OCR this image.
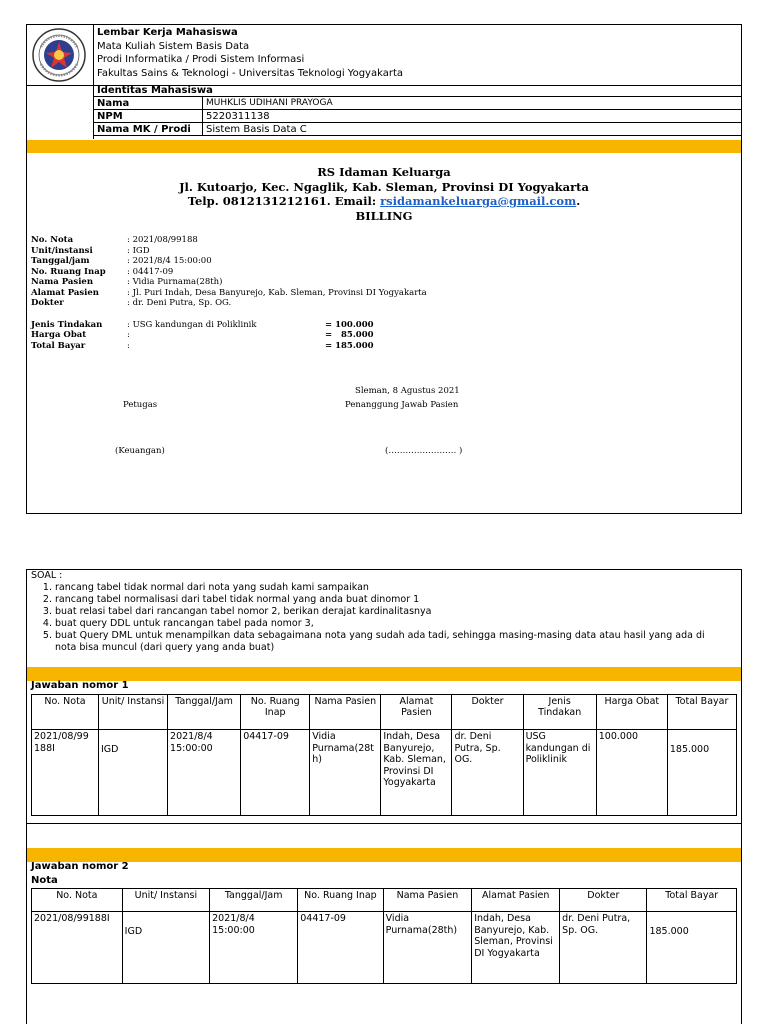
Lembar Kerja Mahasiswa
Mata Kuliah Sistem Basis Data
Prodi Informatika / Prodi Sistem Informasi
Fakultas Sains & Teknologi - Universitas Teknologi Yogyakarta
Identitas Mahasiswa
Nama	MUHKLIS UDIHANI PRAYOGA
NPM	5220311138
Nama MK / Prodi	Sistem Basis Data C
RS Idaman Keluarga
Jl. Kutoarjo, Kec. Ngaglik, Kab. Sleman, Provinsi DI Yogyakarta
Telp. 0812131212161. Email: rsidamankeluarga@gmail.com.
BILLING
No. Nota	: 2021/08/99188
Unit/instansi	: IGD
Tanggal/jam	: 2021/8/4 15:00:00
No. Ruang Inap	: 04417-09
Nama Pasien	: Vidia Purnama(28th)
Alamat Pasien	: Jl. Puri Indah, Desa Banyurejo, Kab. Sleman, Provinsi DI Yogyakarta
Dokter	: dr. Deni Putra, Sp. OG.
Jenis Tindakan	: USG kandungan di Poliklinik	= 100.000
Harga Obat	:	=   85.000
Total Bayar	:	= 185.000
Sleman, 8 Agustus 2021
Petugas	Penanggung Jawab Pasien
(Keuangan)	(…………………… )
SOAL :
1. rancang tabel tidak normal dari nota yang sudah kami sampaikan
2. rancang tabel normalisasi dari tabel tidak normal yang anda buat dinomor 1
3. buat relasi tabel dari rancangan tabel nomor 2, berikan derajat kardinalitasnya
4. buat query DDL untuk rancangan tabel pada nomor 3,
5. buat Query DML untuk menampilkan data sebagaimana nota yang sudah ada tadi, sehingga masing-masing data atau hasil yang ada di nota bisa muncul (dari query yang anda buat)
Jawaban nomor 1
No. Nota	Unit/ Instansi	Tanggal/Jam	No. Ruang Inap	Nama Pasien	Alamat Pasien	Dokter	Jenis Tindakan	Harga Obat	Total Bayar
2021/08/99 188I	IGD	2021/8/4 15:00:00	04417-09	Vidia Purnama(28t h)	Indah, Desa Banyurejo, Kab. Sleman, Provinsi DI Yogyakarta	dr. Deni Putra, Sp. OG.	USG kandungan di Poliklinik	100.000	185.000
Jawaban nomor 2
Nota
No. Nota	Unit/ Instansi	Tanggal/Jam	No. Ruang Inap	Nama Pasien	Alamat Pasien	Dokter	Total Bayar
2021/08/99188I	IGD	2021/8/4 15:00:00	04417-09	Vidia Purnama(28th)	Indah, Desa Banyurejo, Kab. Sleman, Provinsi DI Yogyakarta	dr. Deni Putra, Sp. OG.	185.000
